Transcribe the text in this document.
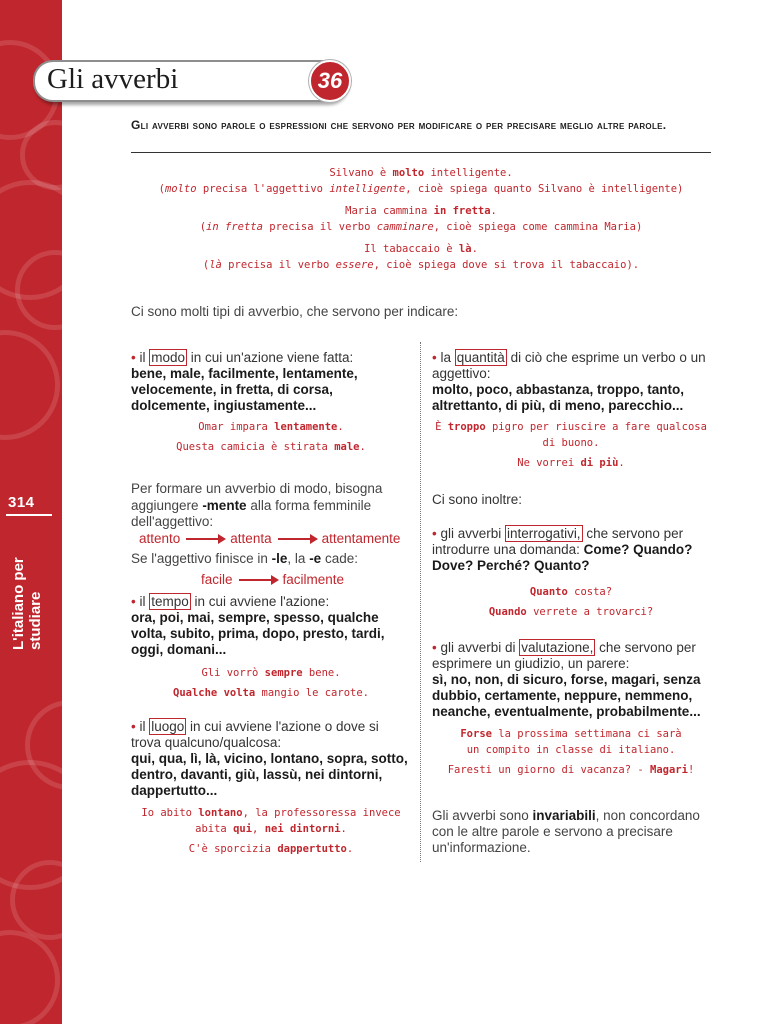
314
L'italiano per studiare
Gli avverbi	36
Gli avverbi sono parole o espressioni che servono per modificare o per precisare meglio altre parole.
Silvano è molto intelligente.
(molto precisa l'aggettivo intelligente, cioè spiega quanto Silvano è intelligente)
Maria cammina in fretta.
(in fretta precisa il verbo camminare, cioè spiega come cammina Maria)
Il tabaccaio è là.
(là precisa il verbo essere, cioè spiega dove si trova il tabaccaio).
Ci sono molti tipi di avverbio, che servono per indicare:
• il modo in cui un'azione viene fatta:
bene, male, facilmente, lentamente, velocemente, in fretta, di corsa, dolcemente, ingiustamente...
Omar impara lentamente.
Questa camicia è stirata male.
Per formare un avverbio di modo, bisogna aggiungere -mente alla forma femminile dell'aggettivo:
attento	attenta	attentamente
Se l'aggettivo finisce in -le, la -e cade:
facile	facilmente
• il tempo in cui avviene l'azione:
ora, poi, mai, sempre, spesso, qualche volta, subito, prima, dopo, presto, tardi, oggi, domani...
Gli vorrò sempre bene.
Qualche volta mangio le carote.
• il luogo in cui avviene l'azione o dove si trova qualcuno/qualcosa:
qui, qua, lì, là, vicino, lontano, sopra, sotto, dentro, davanti, giù, lassù, nei dintorni, dappertutto...
Io abito lontano, la professoressa invece
abita qui, nei dintorni.
C'è sporcizia dappertutto.
• la quantità di ciò che esprime un verbo o un aggettivo:
molto, poco, abbastanza, troppo, tanto, altrettanto, di più, di meno, parecchio...
È troppo pigro per riuscire a fare qualcosa
di buono.
Ne vorrei di più.
Ci sono inoltre:
• gli avverbi interrogativi, che servono per introdurre una domanda: Come? Quando? Dove? Perché? Quanto?
Quanto costa?
Quando verrete a trovarci?
• gli avverbi di valutazione, che servono per esprimere un giudizio, un parere:
sì, no, non, di sicuro, forse, magari, senza dubbio, certamente, neppure, nemmeno, neanche, eventualmente, probabilmente...
Forse la prossima settimana ci sarà
un compito in classe di italiano.
Faresti un giorno di vacanza? - Magari!
Gli avverbi sono invariabili, non concordano con le altre parole e servono a precisare un'informazione.
